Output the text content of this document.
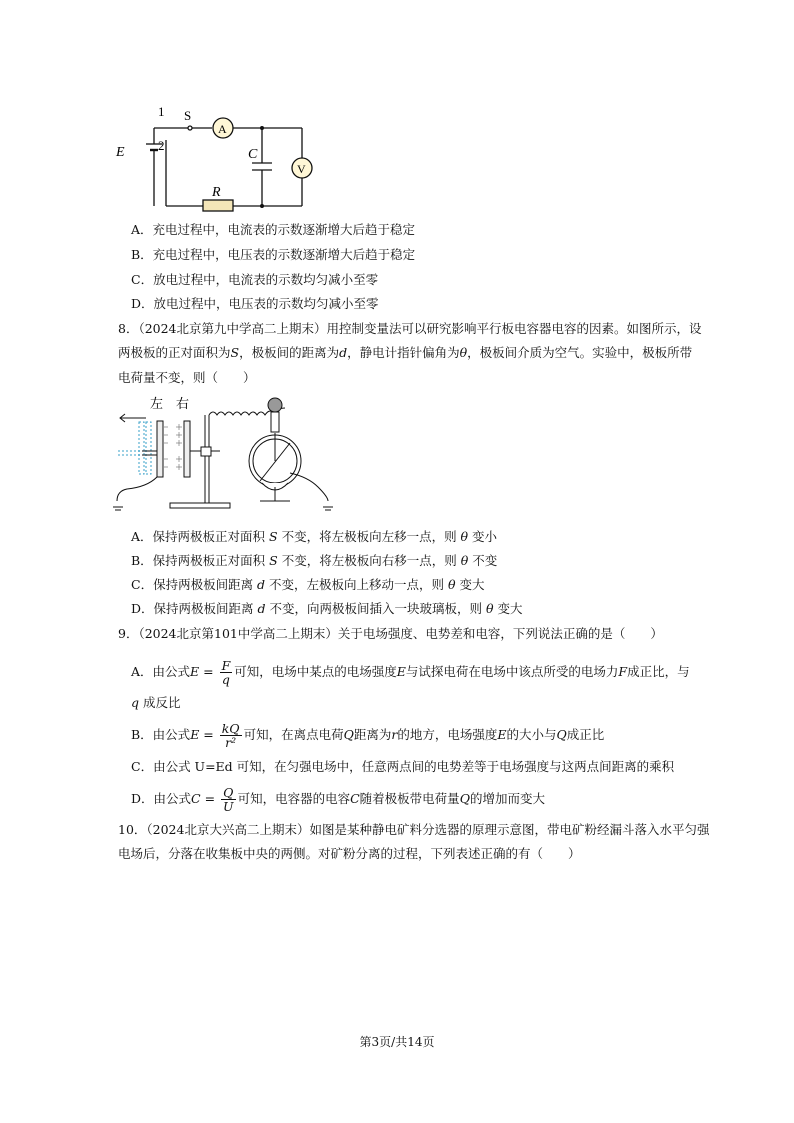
1
2
S
A
E	C
V
R
A．充电过程中，电流表的示数逐渐增大后趋于稳定
B．充电过程中，电压表的示数逐渐增大后趋于稳定
C．放电过程中，电流表的示数均匀减小至零
D．放电过程中，电压表的示数均匀减小至零
8．（2024北京第九中学高二上期末）用控制变量法可以研究影响平行板电容器电容的因素。如图所示，设
两极板的正对面积为S，极板间的距离为d，静电计指针偏角为θ，极板间介质为空气。实验中，极板所带
电荷量不变，则（　　）
左 右
A．保持两极板正对面积 S 不变，将左极板向左移一点，则 θ 变小
B．保持两极板正对面积 S 不变，将左极板向右移一点，则 θ 不变
C．保持两极板间距离 d 不变，左极板向上移动一点，则 θ 变大
D．保持两极板间距离 d 不变，向两极板间插入一块玻璃板，则 θ 变大
9．（2024北京第101中学高二上期末）关于电场强度、电势差和电容，下列说法正确的是（　　）
A．由公式$E = \frac{F}{q}$ 可知，电场中某点的电场强度E与试探电荷在电场中该点所受的电场力F成正比，与
q 成反比
B．由公式$E = \frac{kQ}{\text{r²}}$ 可知，在离点电荷Q距离为r的地方，电场强度E的大小与Q成正比
C．由公式 U=Ed 可知，在匀强电场中，任意两点间的电势差等于电场强度与这两点间距离的乘积
D．由公式$C = \frac{Q}{U}$ 可知，电容器的电容C随着极板带电荷量Q的增加而变大
10．（2024北京大兴高二上期末）如图是某种静电矿料分选器的原理示意图，带电矿粉经漏斗落入水平匀强
电场后，分落在收集板中央的两侧。对矿粉分离的过程，下列表述正确的有（　　）
第3页/共14页
